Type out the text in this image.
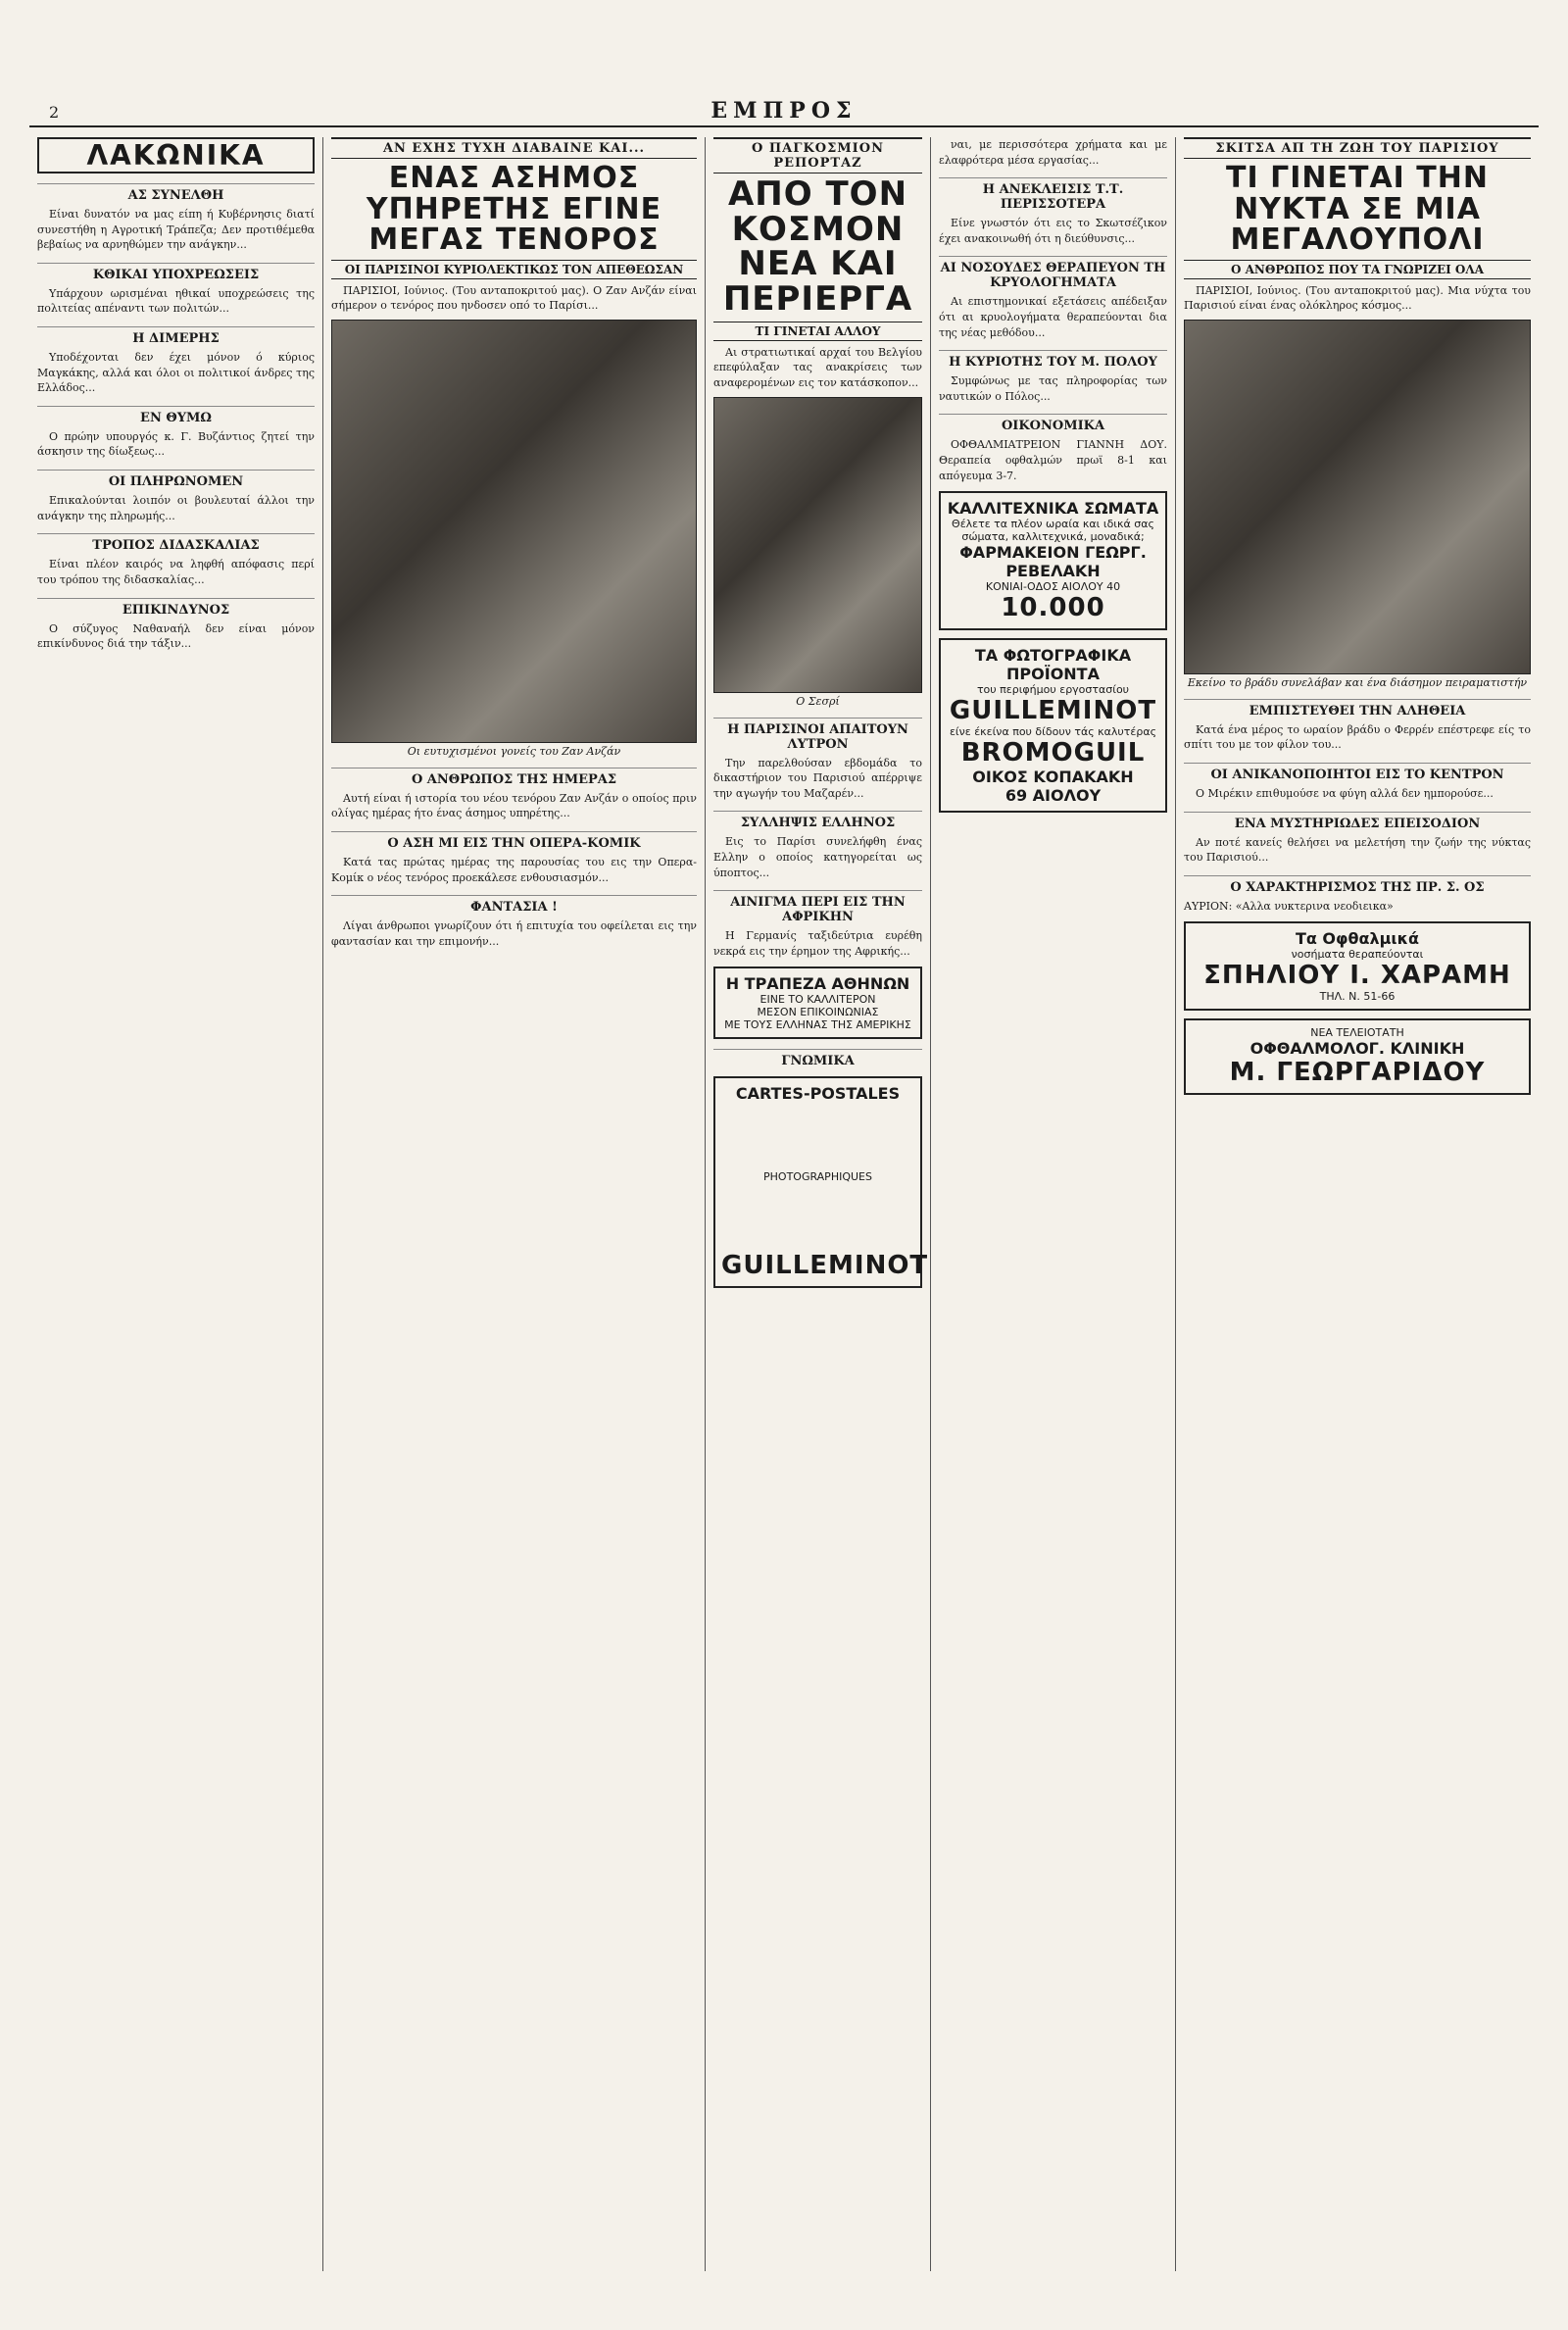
2	ΕΜΠΡΟΣ
ΛΑΚΩΝΙΚΑ
ΑΣ ΣΥΝΕΛΘΗ

Είναι δυνατόν να μας είπη ή Κυβέρνησις διατί συνεστήθη η Αγροτική Τράπεζα; Δεν προτιθέμεθα βεβαίως να αρνηθώμεν την ανάγκην...

ΚΘΙΚΑΙ ΥΠΟΧΡΕΩΣΕΙΣ

Υπάρχουν ωρισμέναι ηθικαί υποχρεώσεις της πολιτείας απέναντι των πολιτών...

Η ΔΙΜΕΡΗΣ

Υποδέχονται δεν έχει μόνον ό κύριος Μαγκάκης, αλλά και όλοι οι πολιτικοί άνδρες της Ελλάδος...

ΕΝ ΘΥΜΩ

Ο πρώην υπουργός κ. Γ. Βυζάντιος ζητεί την άσκησιν της δίωξεως...

ΟΙ ΠΛΗΡΩΝΟΜΕΝ

Επικαλούνται λοιπόν οι βουλευταί άλλοι την ανάγκην της πληρωμής...

ΤΡΟΠΟΣ ΔΙΔΑΣΚΑΛΙΑΣ

Είναι πλέον καιρός να ληφθή απόφασις περί του τρόπου της διδασκαλίας...

ΕΠΙΚΙΝΔΥΝΟΣ

Ο σύζυγος Ναθαναήλ δεν είναι μόνον επικίνδυνος διά την τάξιν...

ΑΝ ΕΧΗΣ ΤΥΧΗ ΔΙΑΒΑΙΝΕ ΚΑΙ...
ΕΝΑΣ ΑΣΗΜΟΣ ΥΠΗΡΕΤΗΣ ΕΓΙΝΕ ΜΕΓΑΣ ΤΕΝΟΡΟΣ
ΟΙ ΠΑΡΙΣΙΝΟΙ ΚΥΡΙΟΛΕΚΤΙΚΩΣ ΤΟΝ ΑΠΕΘΕΩΣΑΝ

ΠΑΡΙΣΙΟΙ, Ιούνιος. (Του ανταποκριτού μας). Ο Ζαν Ανζάν είναι σήμερον ο τενόρος που ηνδοσεν οπό το Παρίσι...

Οι ευτυχισμένοι γονείς του Ζαν Ανζάν
Ο ΑΝΘΡΩΠΟΣ ΤΗΣ ΗΜΕΡΑΣ

Αυτή είναι ή ιστορία του νέου τενόρου Ζαν Ανζάν ο οποίος πριν ολίγας ημέρας ήτο ένας άσημος υπηρέτης...

Ο ΑΣΗ ΜΙ ΕΙΣ ΤΗΝ ΟΠΕΡΑ-ΚΟΜΙΚ

Κατά τας πρώτας ημέρας της παρουσίας του εις την Οπερα-Κομίκ ο νέος τενόρος προεκάλεσε ενθουσιασμόν...

ΦΑΝΤΑΣΙΑ !

Λίγαι άνθρωποι γνωρίζουν ότι ή επιτυχία του οφείλεται εις την φαντασίαν και την επιμονήν...

Ο ΠΑΓΚΟΣΜΙΟΝ ΡΕΠΟΡΤΑΖ
ΑΠΟ ΤΟΝ ΚΟΣΜΟΝ ΝΕΑ ΚΑΙ ΠΕΡΙΕΡΓΑ
ΤΙ ΓΙΝΕΤΑΙ ΑΛΛΟΥ

Αι στρατιωτικαί αρχαί του Βελγίου επεφύλαξαν τας ανακρίσεις των αναφερομένων εις τον κατάσκοπον...

Ο Σεσρί
Η ΠΑΡΙΣΙΝΟΙ ΑΠΑΙΤΟΥΝ ΛΥΤΡΟΝ

Την παρελθούσαν εβδομάδα το δικαστήριον του Παρισιού απέρριψε την αγωγήν του Μαζαρέν...

ΣΥΛΛΗΨΙΣ ΕΛΛΗΝΟΣ

Εις το Παρίσι συνελήφθη ένας Ελλην ο οποίος κατηγορείται ως ύποπτος...

ΑΙΝΙΓΜΑ ΠΕΡΙ ΕΙΣ ΤΗΝ ΑΦΡΙΚΗΝ

Η Γερμανίς ταξιδεύτρια ευρέθη νεκρά εις την έρημον της Αφρικής...

Η ΤΡΑΠΕΖΑ ΑΘΗΝΩΝ
ΕΙΝΕ ΤΟ ΚΑΛΛΙΤΕΡΟΝ
ΜΕΣΟΝ ΕΠΙΚΟΙΝΩΝΙΑΣ
ΜΕ ΤΟΥΣ ΕΛΛΗΝΑΣ ΤΗΣ ΑΜΕΡΙΚΗΣ
ΓΝΩΜΙΚΑ
CARTES-POSTALES
PHOTOGRAPHIQUES
GUILLEMINOT

ναι, με περισσότερα χρήματα και με ελαφρότερα μέσα εργασίας...

Η ΑΝΕΚΛΕΙΣΙΣ Τ.Τ. ΠΕΡΙΣΣΟΤΕΡΑ

Είνε γνωστόν ότι εις το Σκωτσέζικον έχει ανακοινωθή ότι η διεύθυνσις...

ΑΙ ΝΟΣΟΥΔΕΣ ΘΕΡΑΠΕΥΟΝ ΤΗ ΚΡΥΟΛΟΓΗΜΑΤΑ

Αι επιστημονικαί εξετάσεις απέδειξαν ότι αι κρυολογήματα θεραπεύονται δια της νέας μεθόδου...

Η ΚΥΡΙΟΤΗΣ ΤΟΥ Μ. ΠΟΛΟΥ

Συμφώνως με τας πληροφορίας των ναυτικών ο Πόλος...

ΟΙΚΟΝΟΜΙΚΑ

ΟΦΘΑΛΜΙΑΤΡΕΙΟΝ ΓΙΑΝΝΗ ΔΟΥ. Θεραπεία οφθαλμών πρωϊ 8-1 και απόγευμα 3-7.

ΚΑΛΛΙΤΕΧΝΙΚΑ ΣΩΜΑΤΑ
Θέλετε τα πλέον ωραία και ιδικά σας σώματα, καλλιτεχνικά, μοναδικά;
ΦΑΡΜΑΚΕΙΟΝ ΓΕΩΡΓ. ΡΕΒΕΛΑΚΗ
ΚΟΝΙΑΙ-ΟΔΟΣ ΑΙΟΛΟΥ 40
10.000
ΤΑ ΦΩΤΟΓΡΑΦΙΚΑ ΠΡΟΪΟΝΤΑ
του περιφήμου εργοστασίου
GUILLEMINOT
είνε έκείνα που δίδουν τάς καλυτέρας
BROMOGUIL
ΟΙΚΟΣ ΚΟΠΑΚΑΚΗ
69 ΑΙΟΛΟΥ
ΣΚΙΤΣΑ ΑΠ ΤΗ ΖΩΗ ΤΟΥ ΠΑΡΙΣΙΟΥ
ΤΙ ΓΙΝΕΤΑΙ ΤΗΝ ΝΥΚΤΑ ΣΕ ΜΙΑ ΜΕΓΑΛΟΥΠΟΛΙ
Ο ΑΝΘΡΩΠΟΣ ΠΟΥ ΤΑ ΓΝΩΡΙΖΕΙ ΟΛΑ

ΠΑΡΙΣΙΟΙ, Ιούνιος. (Του ανταποκριτού μας). Μια νύχτα του Παρισιού είναι ένας ολόκληρος κόσμος...

Εκείνο το βράδυ συνελάβαν και ένα διάσημον πειραματιστήν
ΕΜΠΙΣΤΕΥΘΕΙ ΤΗΝ ΑΛΗΘΕΙΑ

Κατά ένα μέρος το ωραίον βράδυ ο Φερρέν επέστρεφε είς το σπίτι του με τον φίλον του...

ΟΙ ΑΝΙΚΑΝΟΠΟΙΗΤΟΙ ΕΙΣ ΤΟ ΚΕΝΤΡΟΝ

Ο Μιρέκιν επιθυμούσε να φύγη αλλά δεν ημπορούσε...

ΕΝΑ ΜΥΣΤΗΡΙΩΔΕΣ ΕΠΕΙΣΟΔΙΟΝ

Αν ποτέ κανείς θελήσει να μελετήση την ζωήν της νύκτας του Παρισιού...

Ο ΧΑΡΑΚΤΗΡΙΣΜΟΣ ΤΗΣ ΠΡ. Σ. ΟΣ
ΑΥΡΙΟΝ: «Αλλα νυκτερινα νεοδιεικα»
Τα Οφθαλμικά
νοσήματα θεραπεύονται
ΣΠΗΛΙΟΥ Ι. ΧΑΡΑΜΗ
ΤΗΛ. Ν. 51-66
ΝΕΑ ΤΕΛΕΙΟΤΑΤΗ
ΟΦΘΑΛΜΟΛΟΓ. ΚΛΙΝΙΚΗ
Μ. ΓΕΩΡΓΑΡΙΔΟΥ
